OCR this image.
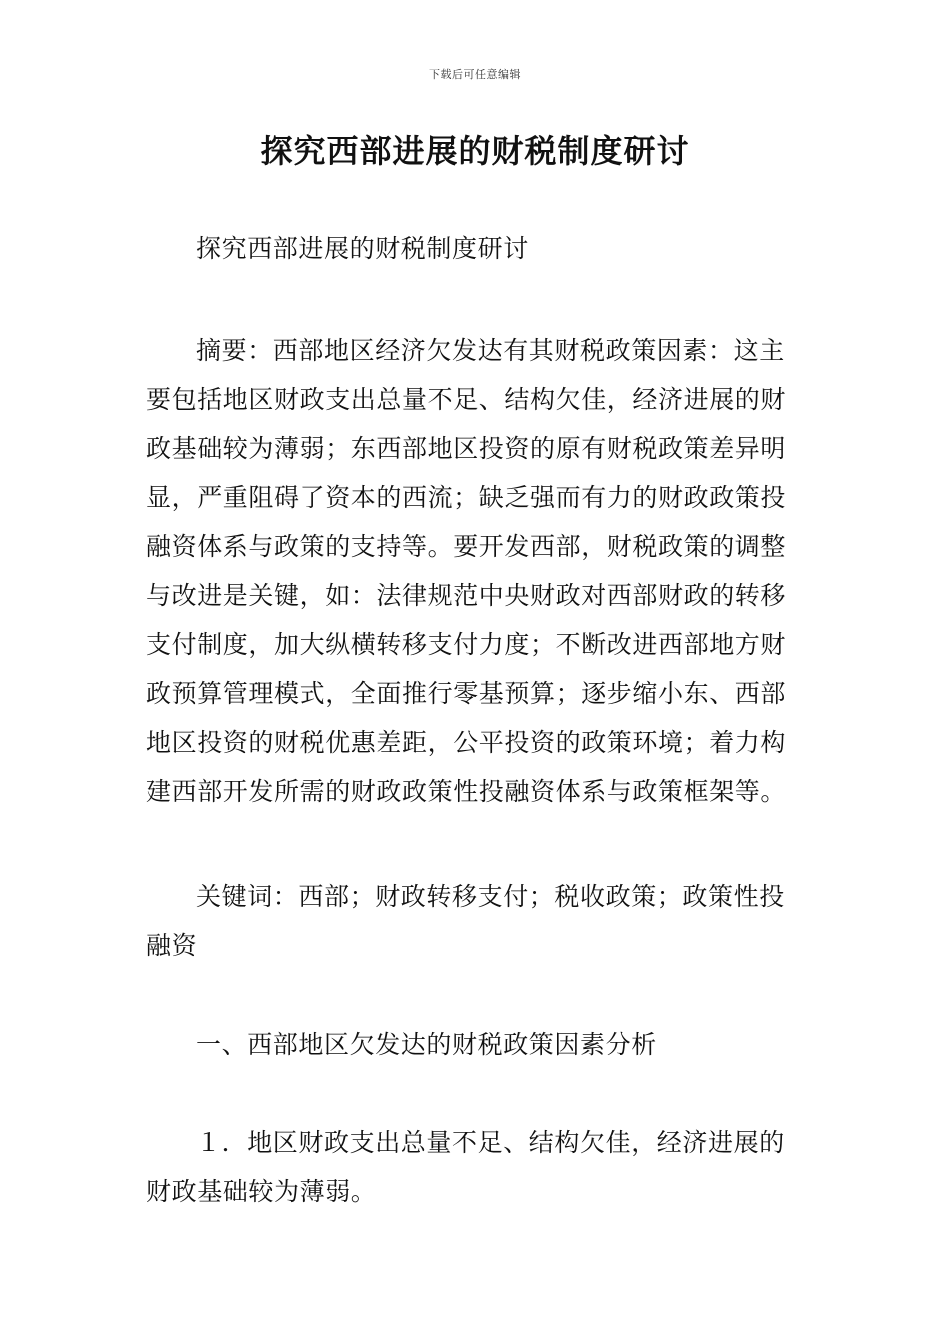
下载后可任意编辑
探究西部进展的财税制度研讨

探究西部进展的财税制度研讨

摘要：西部地区经济欠发达有其财税政策因素：这主要包括地区财政支出总量不足、结构欠佳，经济进展的财政基础较为薄弱；东西部地区投资的原有财税政策差异明显，严重阻碍了资本的西流；缺乏强而有力的财政政策投融资体系与政策的支持等。要开发西部，财税政策的调整与改进是关键，如：法律规范中央财政对西部财政的转移支付制度，加大纵横转移支付力度；不断改进西部地方财政预算管理模式，全面推行零基预算；逐步缩小东、西部地区投资的财税优惠差距，公平投资的政策环境；着力构建西部开发所需的财政政策性投融资体系与政策框架等。

关键词：西部；财政转移支付；税收政策；政策性投融资

一、西部地区欠发达的财税政策因素分析

１．地区财政支出总量不足、结构欠佳，经济进展的财政基础较为薄弱。
